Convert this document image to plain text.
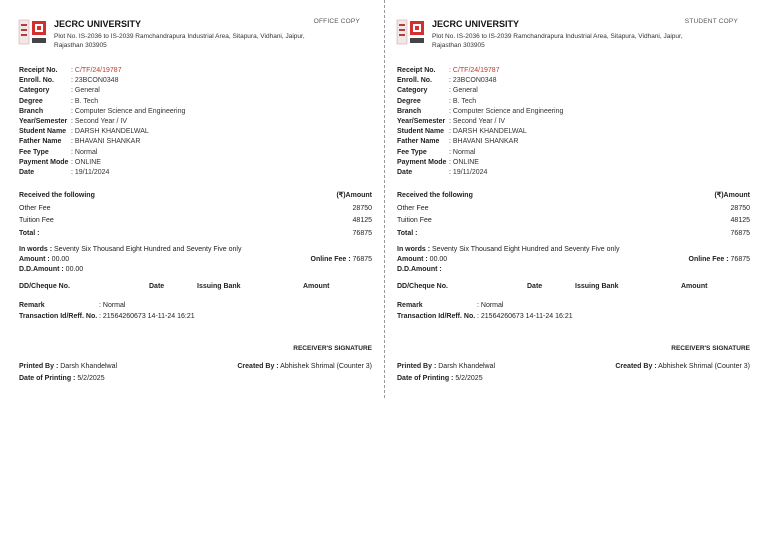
JECRC UNIVERSITY
Plot No. IS-2036 to IS-2039 Ramchandrapura Industrial Area, Sitapura, Vidhani, Jaipur, Rajasthan 303905
OFFICE COPY
Receipt No. : C/TF/24/19787
Enroll. No. : 23BCON0348
Category	: General
Degree	: B. Tech
Branch	: Computer Science and Engineering
Year/Semester : Second Year / IV
Student Name : DARSH KHANDELWAL
Father Name : BHAVANI SHANKAR
Fee Type	: Normal
Payment Mode : ONLINE
Date	: 19/11/2024
Received the following	(₹)Amount
Other Fee	28750
Tuition Fee	48125
Total :	76875
In words : Seventy Six Thousand Eight Hundred and Seventy Five only
Amount : 00.00	Online Fee : 76875
D.D.Amount : 00.00
DD/Cheque No.	Date	Issuing Bank	Amount
Remark	: Normal
Transaction Id/Reff. No. : 21564260673 14-11-24 16:21
RECEIVER'S SIGNATURE
Printed By : Darsh Khandelwal	Created By : Abhishek Shrimal (Counter 3)
Date of Printing : 5/2/2025
JECRC UNIVERSITY
Plot No. IS-2036 to IS-2039 Ramchandrapura Industrial Area, Sitapura, Vidhani, Jaipur, Rajasthan 303905
STUDENT COPY
Receipt No. : C/TF/24/19787
Enroll. No. : 23BCON0348
Category	: General
Degree	: B. Tech
Branch	: Computer Science and Engineering
Year/Semester : Second Year / IV
Student Name : DARSH KHANDELWAL
Father Name : BHAVANI SHANKAR
Fee Type	: Normal
Payment Mode : ONLINE
Date	: 19/11/2024
Received the following	(₹)Amount
Other Fee	28750
Tuition Fee	48125
Total :	76875
In words : Seventy Six Thousand Eight Hundred and Seventy Five only
Amount : 00.00	Online Fee : 76875
D.D.Amount :
DD/Cheque No.	Date	Issuing Bank	Amount
Remark	: Normal
Transaction Id/Reff. No. : 21564260673 14-11-24 16:21
RECEIVER'S SIGNATURE
Printed By : Darsh Khandelwal	Created By : Abhishek Shrimal (Counter 3)
Date of Printing : 5/2/2025
